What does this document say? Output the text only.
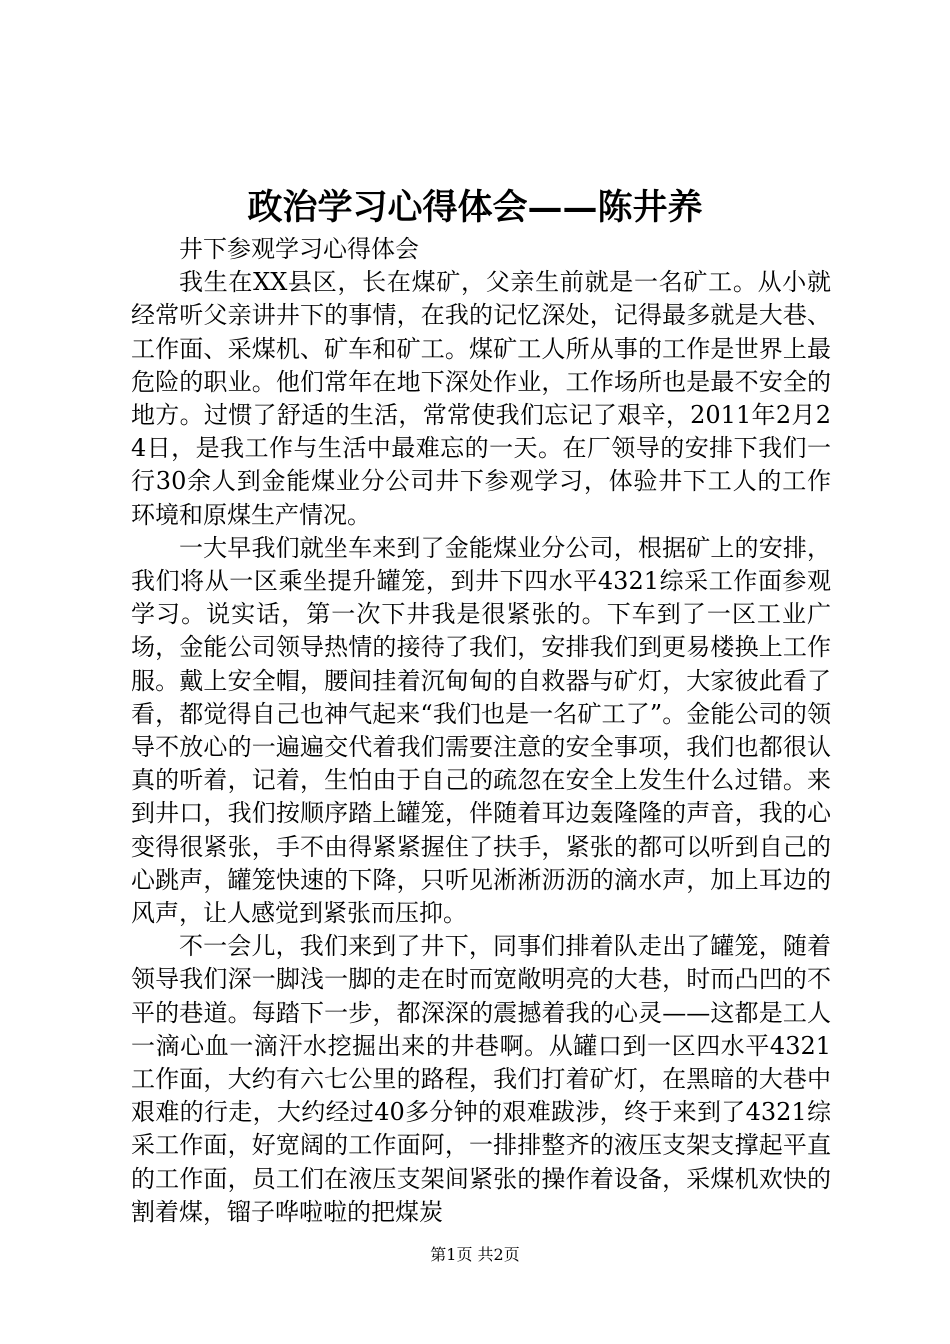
政治学习心得体会——陈井养

井下参观学习心得体会

我生在XX县区，长在煤矿，父亲生前就是一名矿工。从小就经常听父亲讲井下的事情，在我的记忆深处，记得最多就是大巷、工作面、采煤机、矿车和矿工。煤矿工人所从事的工作是世界上最危险的职业。他们常年在地下深处作业，工作场所也是最不安全的地方。过惯了舒适的生活，常常使我们忘记了艰辛，2011年2月24日，是我工作与生活中最难忘的一天。在厂领导的安排下我们一行30余人到金能煤业分公司井下参观学习，体验井下工人的工作环境和原煤生产情况。

一大早我们就坐车来到了金能煤业分公司，根据矿上的安排，我们将从一区乘坐提升罐笼，到井下四水平4321综采工作面参观学习。说实话，第一次下井我是很紧张的。下车到了一区工业广场，金能公司领导热情的接待了我们，安排我们到更易楼换上工作服。戴上安全帽，腰间挂着沉甸甸的自救器与矿灯，大家彼此看了看，都觉得自己也神气起来“我们也是一名矿工了”。金能公司的领导不放心的一遍遍交代着我们需要注意的安全事项，我们也都很认真的听着，记着，生怕由于自己的疏忽在安全上发生什么过错。来到井口，我们按顺序踏上罐笼，伴随着耳边轰隆隆的声音，我的心变得很紧张，手不由得紧紧握住了扶手，紧张的都可以听到自己的心跳声，罐笼快速的下降，只听见淅淅沥沥的滴水声，加上耳边的风声，让人感觉到紧张而压抑。

不一会儿，我们来到了井下，同事们排着队走出了罐笼，随着领导我们深一脚浅一脚的走在时而宽敞明亮的大巷，时而凸凹的不平的巷道。每踏下一步，都深深的震撼着我的心灵——这都是工人一滴心血一滴汗水挖掘出来的井巷啊。从罐口到一区四水平4321工作面，大约有六七公里的路程，我们打着矿灯，在黑暗的大巷中艰难的行走，大约经过40多分钟的艰难跋涉，终于来到了4321综采工作面，好宽阔的工作面阿，一排排整齐的液压支架支撑起平直的工作面，员工们在液压支架间紧张的操作着设备，采煤机欢快的割着煤，镏子哗啦啦的把煤炭

第1页 共2页
